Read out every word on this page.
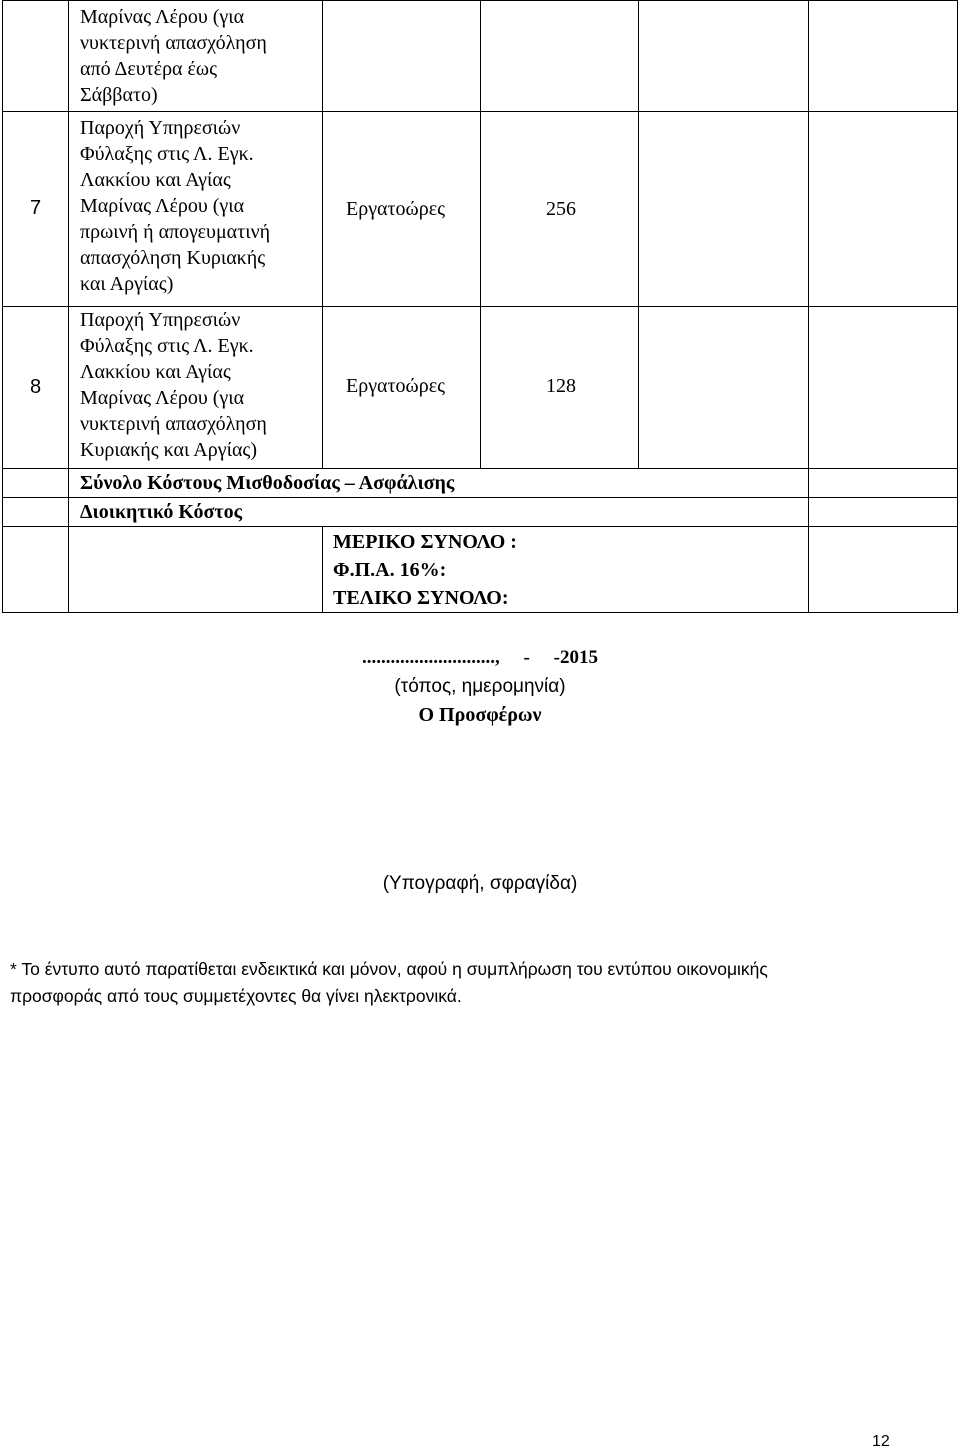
Μαρίνας Λέρου (για
νυκτερινή απασχόληση
από Δευτέρα έως
Σάββατο)
7
Παροχή Υπηρεσιών
Φύλαξης στις Λ. Εγκ.
Λακκίου και Αγίας
Μαρίνας Λέρου (για
πρωινή ή απογευματινή
απασχόληση Κυριακής
και Αργίας)
Εργατοώρες	256
8
Παροχή Υπηρεσιών
Φύλαξης στις Λ. Εγκ.
Λακκίου και Αγίας
Μαρίνας Λέρου (για
νυκτερινή απασχόληση
Κυριακής και Αργίας)
Εργατοώρες	128
Σύνολο Κόστους Μισθοδοσίας – Ασφάλισης
Διοικητικό Κόστος
ΜΕΡΙΚΟ ΣΥΝΟΛΟ :
Φ.Π.Α. 16%:
ΤΕΛΙΚΟ ΣΥΝΟΛΟ:
............................,     -     -2015
(τόπος, ημερομηνία)
Ο Προσφέρων
(Υπογραφή, σφραγίδα)
* Το έντυπο αυτό παρατίθεται ενδεικτικά και μόνον, αφού η συμπλήρωση του εντύπου οικονομικής
προσφοράς από τους συμμετέχοντες θα γίνει ηλεκτρονικά.
12
